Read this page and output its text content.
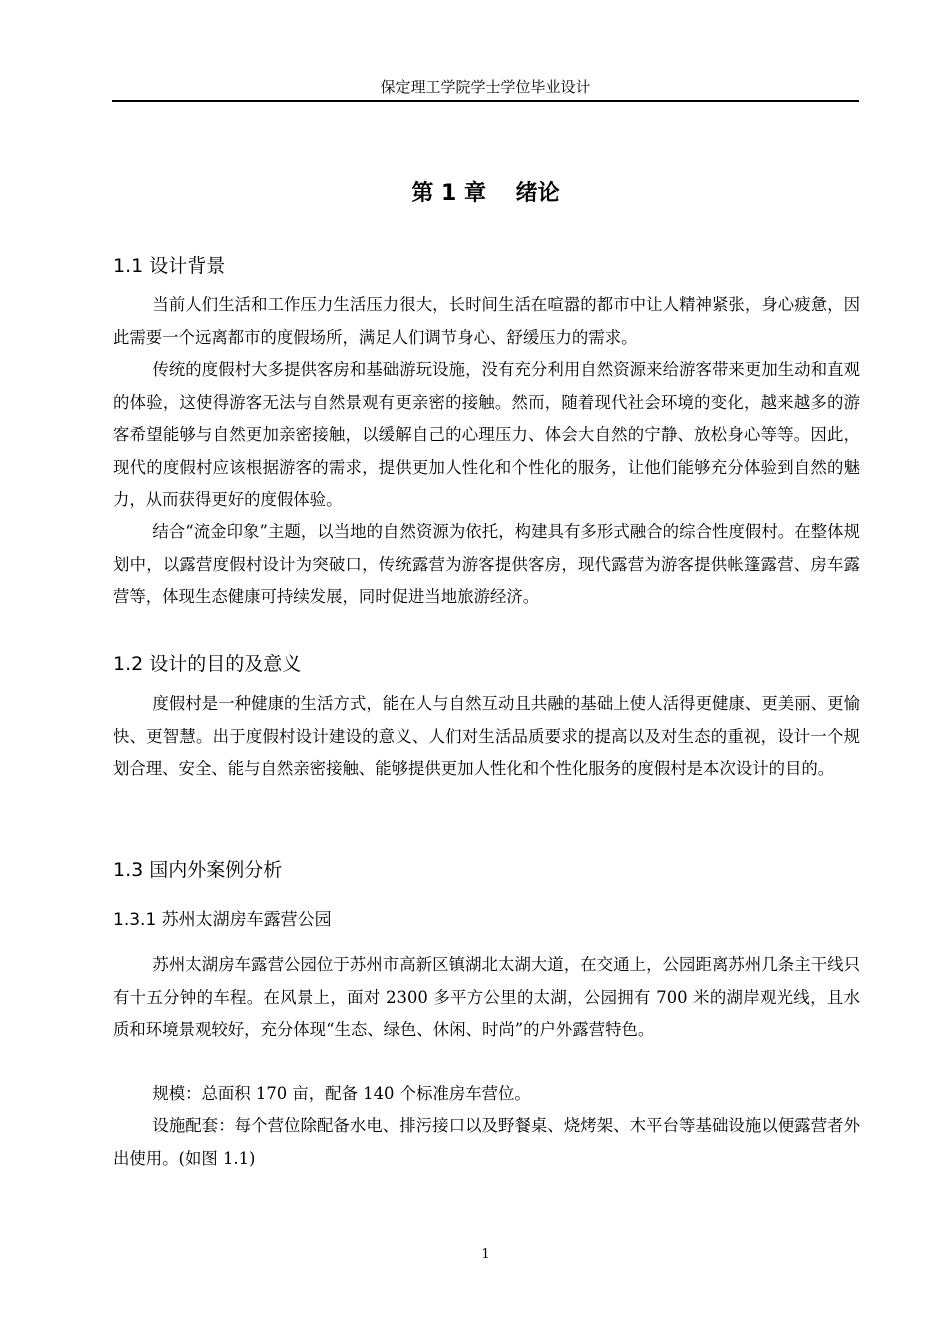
保定理工学院学士学位毕业设计
第 1 章　 绪论
1.1 设计背景

当前人们生活和工作压力生活压力很大，长时间生活在喧嚣的都市中让人精神紧张，身心疲惫，因此需要一个远离都市的度假场所，满足人们调节身心、舒缓压力的需求。

传统的度假村大多提供客房和基础游玩设施，没有充分利用自然资源来给游客带来更加生动和直观的体验，这使得游客无法与自然景观有更亲密的接触。然而，随着现代社会环境的变化，越来越多的游客希望能够与自然更加亲密接触，以缓解自己的心理压力、体会大自然的宁静、放松身心等等。因此，现代的度假村应该根据游客的需求，提供更加人性化和个性化的服务，让他们能够充分体验到自然的魅力，从而获得更好的度假体验。

结合“流金印象”主题，以当地的自然资源为依托，构建具有多形式融合的综合性度假村。在整体规划中，以露营度假村设计为突破口，传统露营为游客提供客房，现代露营为游客提供帐篷露营、房车露营等，体现生态健康可持续发展，同时促进当地旅游经济。

1.2 设计的目的及意义

度假村是一种健康的生活方式，能在人与自然互动且共融的基础上使人活得更健康、更美丽、更愉快、更智慧。出于度假村设计建设的意义、人们对生活品质要求的提高以及对生态的重视，设计一个规划合理、安全、能与自然亲密接触、能够提供更加人性化和个性化服务的度假村是本次设计的目的。

1.3 国内外案例分析
1.3.1 苏州太湖房车露营公园

苏州太湖房车露营公园位于苏州市高新区镇湖北太湖大道，在交通上，公园距离苏州几条主干线只有十五分钟的车程。在风景上，面对 2300 多平方公里的太湖，公园拥有 700 米的湖岸观光线，且水质和环境景观较好，充分体现“生态、绿色、休闲、时尚”的户外露营特色。

规模：总面积 170 亩，配备 140 个标准房车营位。

设施配套：每个营位除配备水电、排污接口以及野餐桌、烧烤架、木平台等基础设施以便露营者外出使用。(如图 1.1)

1
